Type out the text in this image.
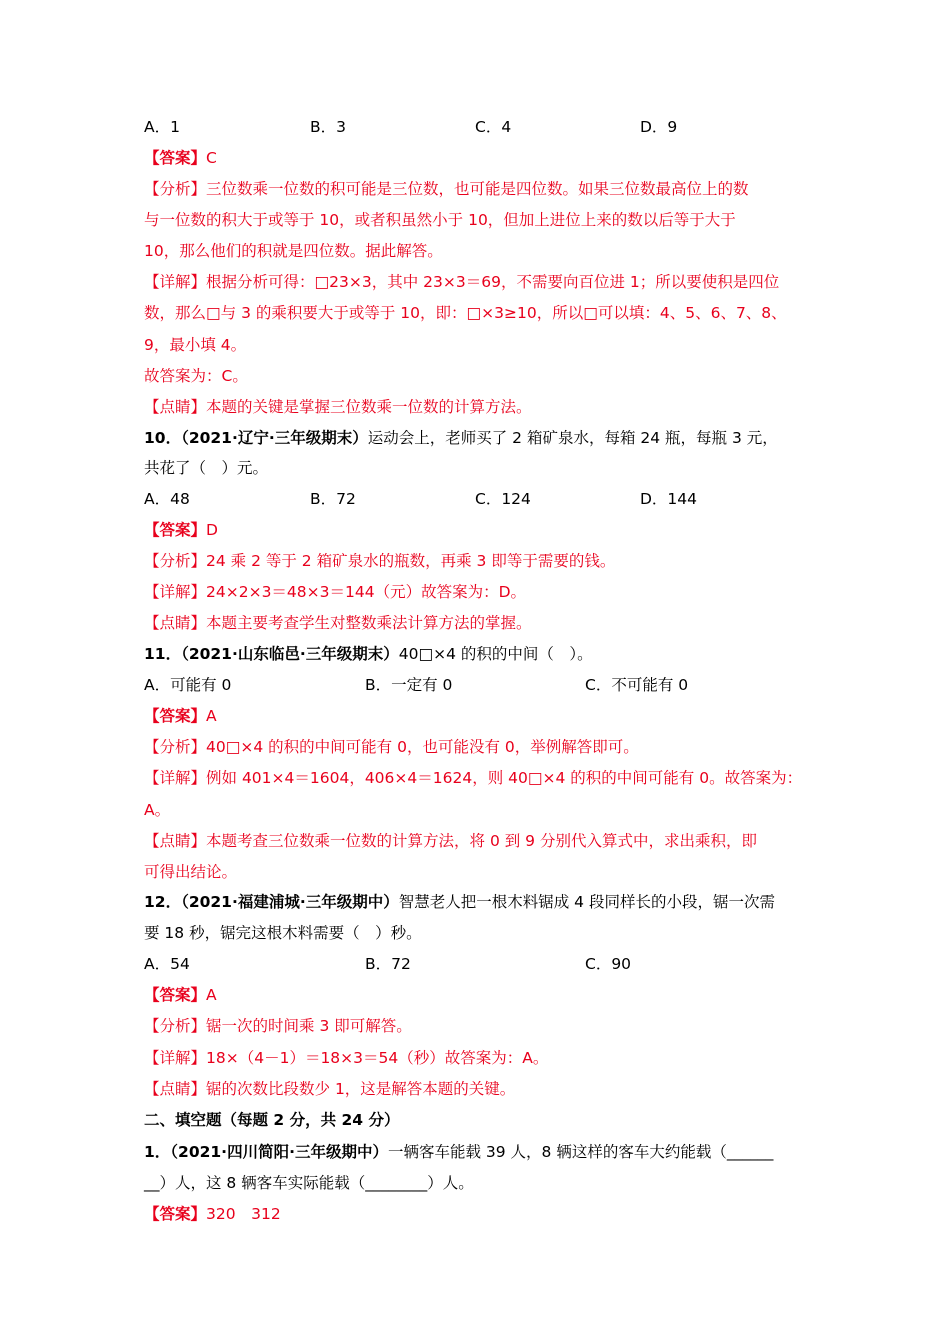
A．1	B．3	C．4	D．9
【答案】C
【分析】三位数乘一位数的积可能是三位数，也可能是四位数。如果三位数最高位上的数
与一位数的积大于或等于 10，或者积虽然小于 10，但加上进位上来的数以后等于大于
10，那么他们的积就是四位数。据此解答。
【详解】根据分析可得：□23×3，其中 23×3＝69，不需要向百位进 1；所以要使积是四位
数，那么□与 3 的乘积要大于或等于 10，即：□×3≥10，所以□可以填：4、5、6、7、8、
9，最小填 4。
故答案为：C。
【点睛】本题的关键是掌握三位数乘一位数的计算方法。
10．（2021·辽宁·三年级期末）运动会上，老师买了 2 箱矿泉水，每箱 24 瓶，每瓶 3 元，
共花了（　）元。
A．48	B．72	C．124	D．144
【答案】D
【分析】24 乘 2 等于 2 箱矿泉水的瓶数，再乘 3 即等于需要的钱。
【详解】24×2×3＝48×3＝144（元）故答案为：D。
【点睛】本题主要考查学生对整数乘法计算方法的掌握。
11．（2021·山东临邑·三年级期末）40□×4 的积的中间（　）。
A．可能有 0	B．一定有 0	C．不可能有 0
【答案】A
【分析】40□×4 的积的中间可能有 0，也可能没有 0，举例解答即可。
【详解】例如 401×4＝1604，406×4＝1624，则 40□×4 的积的中间可能有 0。故答案为：
A。
【点睛】本题考查三位数乘一位数的计算方法，将 0 到 9 分别代入算式中，求出乘积，即
可得出结论。
12．（2021·福建浦城·三年级期中）智慧老人把一根木料锯成 4 段同样长的小段，锯一次需
要 18 秒，锯完这根木料需要（　）秒。
A．54	B．72	C．90
【答案】A
【分析】锯一次的时间乘 3 即可解答。
【详解】18×（4－1）＝18×3＝54（秒）故答案为：A。
【点睛】锯的次数比段数少 1，这是解答本题的关键。
二、填空题（每题 2 分，共 24 分）
1．（2021·四川简阳·三年级期中）一辆客车能载 39 人，8 辆这样的客车大约能载（______
__）人，这 8 辆客车实际能载（________）人。
【答案】320　312
